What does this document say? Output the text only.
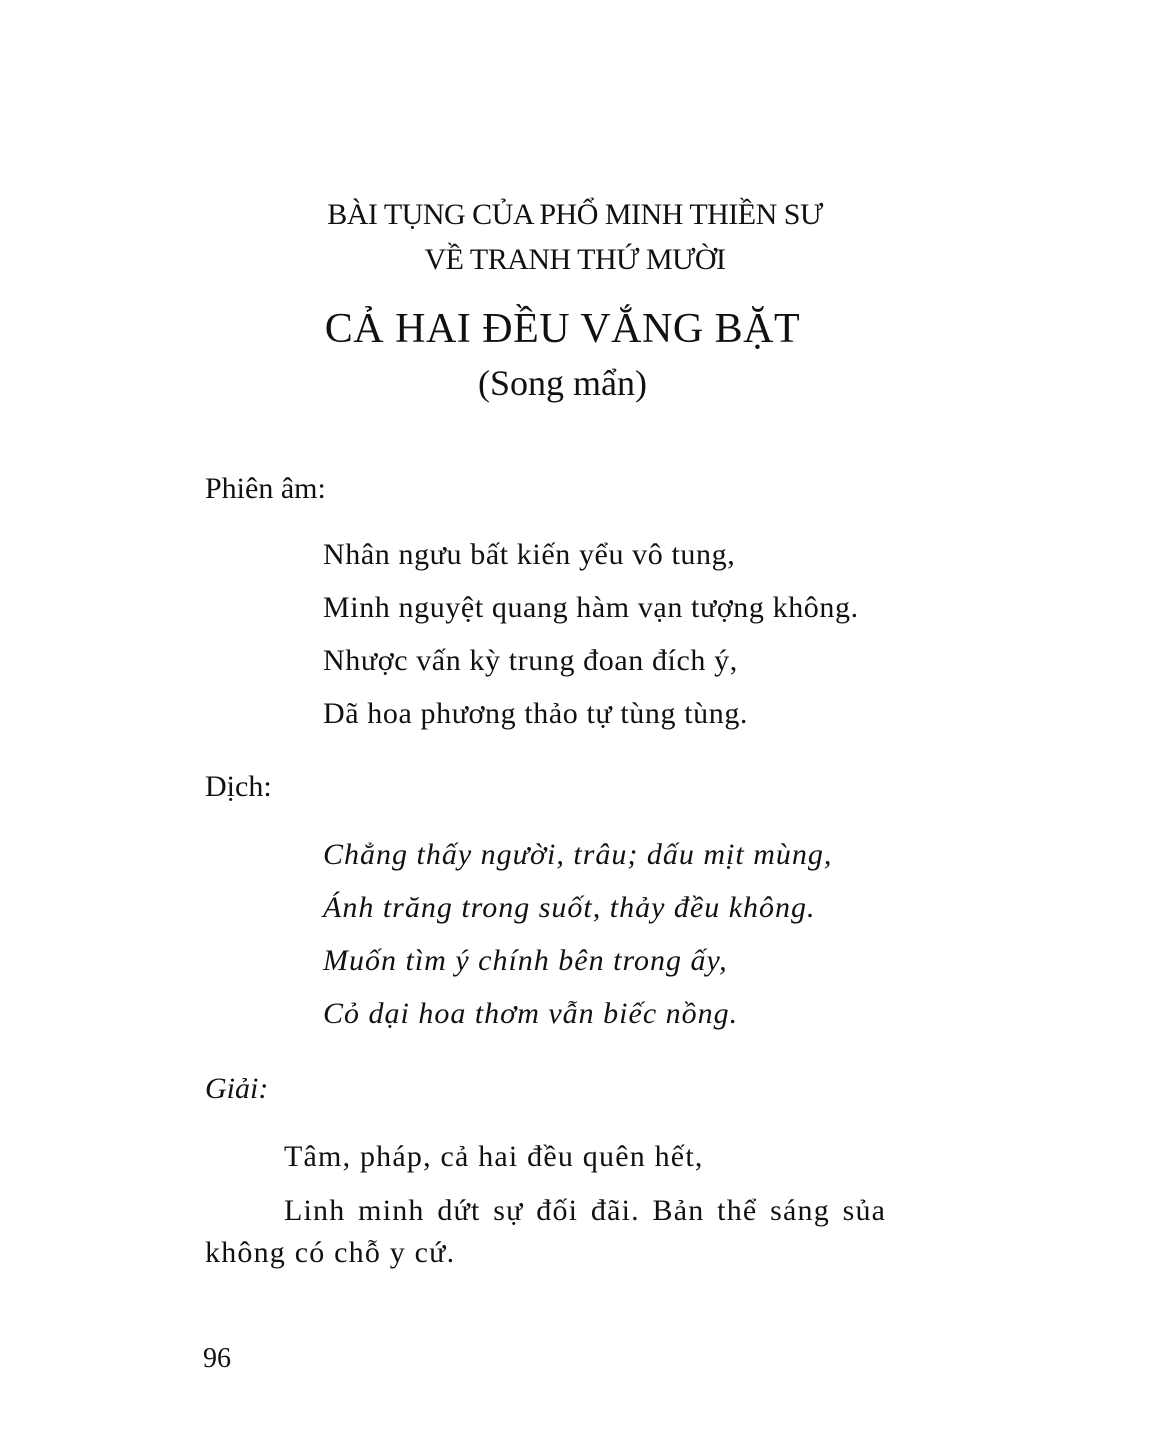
BÀI TỤNG CỦA PHỔ MINH THIỀN SƯ
VỀ TRANH THỨ MƯỜI
CẢ HAI ĐỀU VẮNG BẶT
(Song mẩn)
Phiên âm:
Nhân ngưu bất kiến yểu vô tung,
Minh nguyệt quang hàm vạn tượng không.
Nhược vấn kỳ trung đoan đích ý,
Dã hoa phương thảo tự tùng tùng.
Dịch:
Chẳng thấy người, trâu; dấu mịt mùng,
Ánh trăng trong suốt, thảy đều không.
Muốn tìm ý chính bên trong ấy,
Cỏ dại hoa thơm vẫn biếc nồng.
Giải:
Tâm, pháp, cả hai đều quên hết,
Linh minh dứt sự đối đãi. Bản thể sáng sủa
không có chỗ y cứ.
96
